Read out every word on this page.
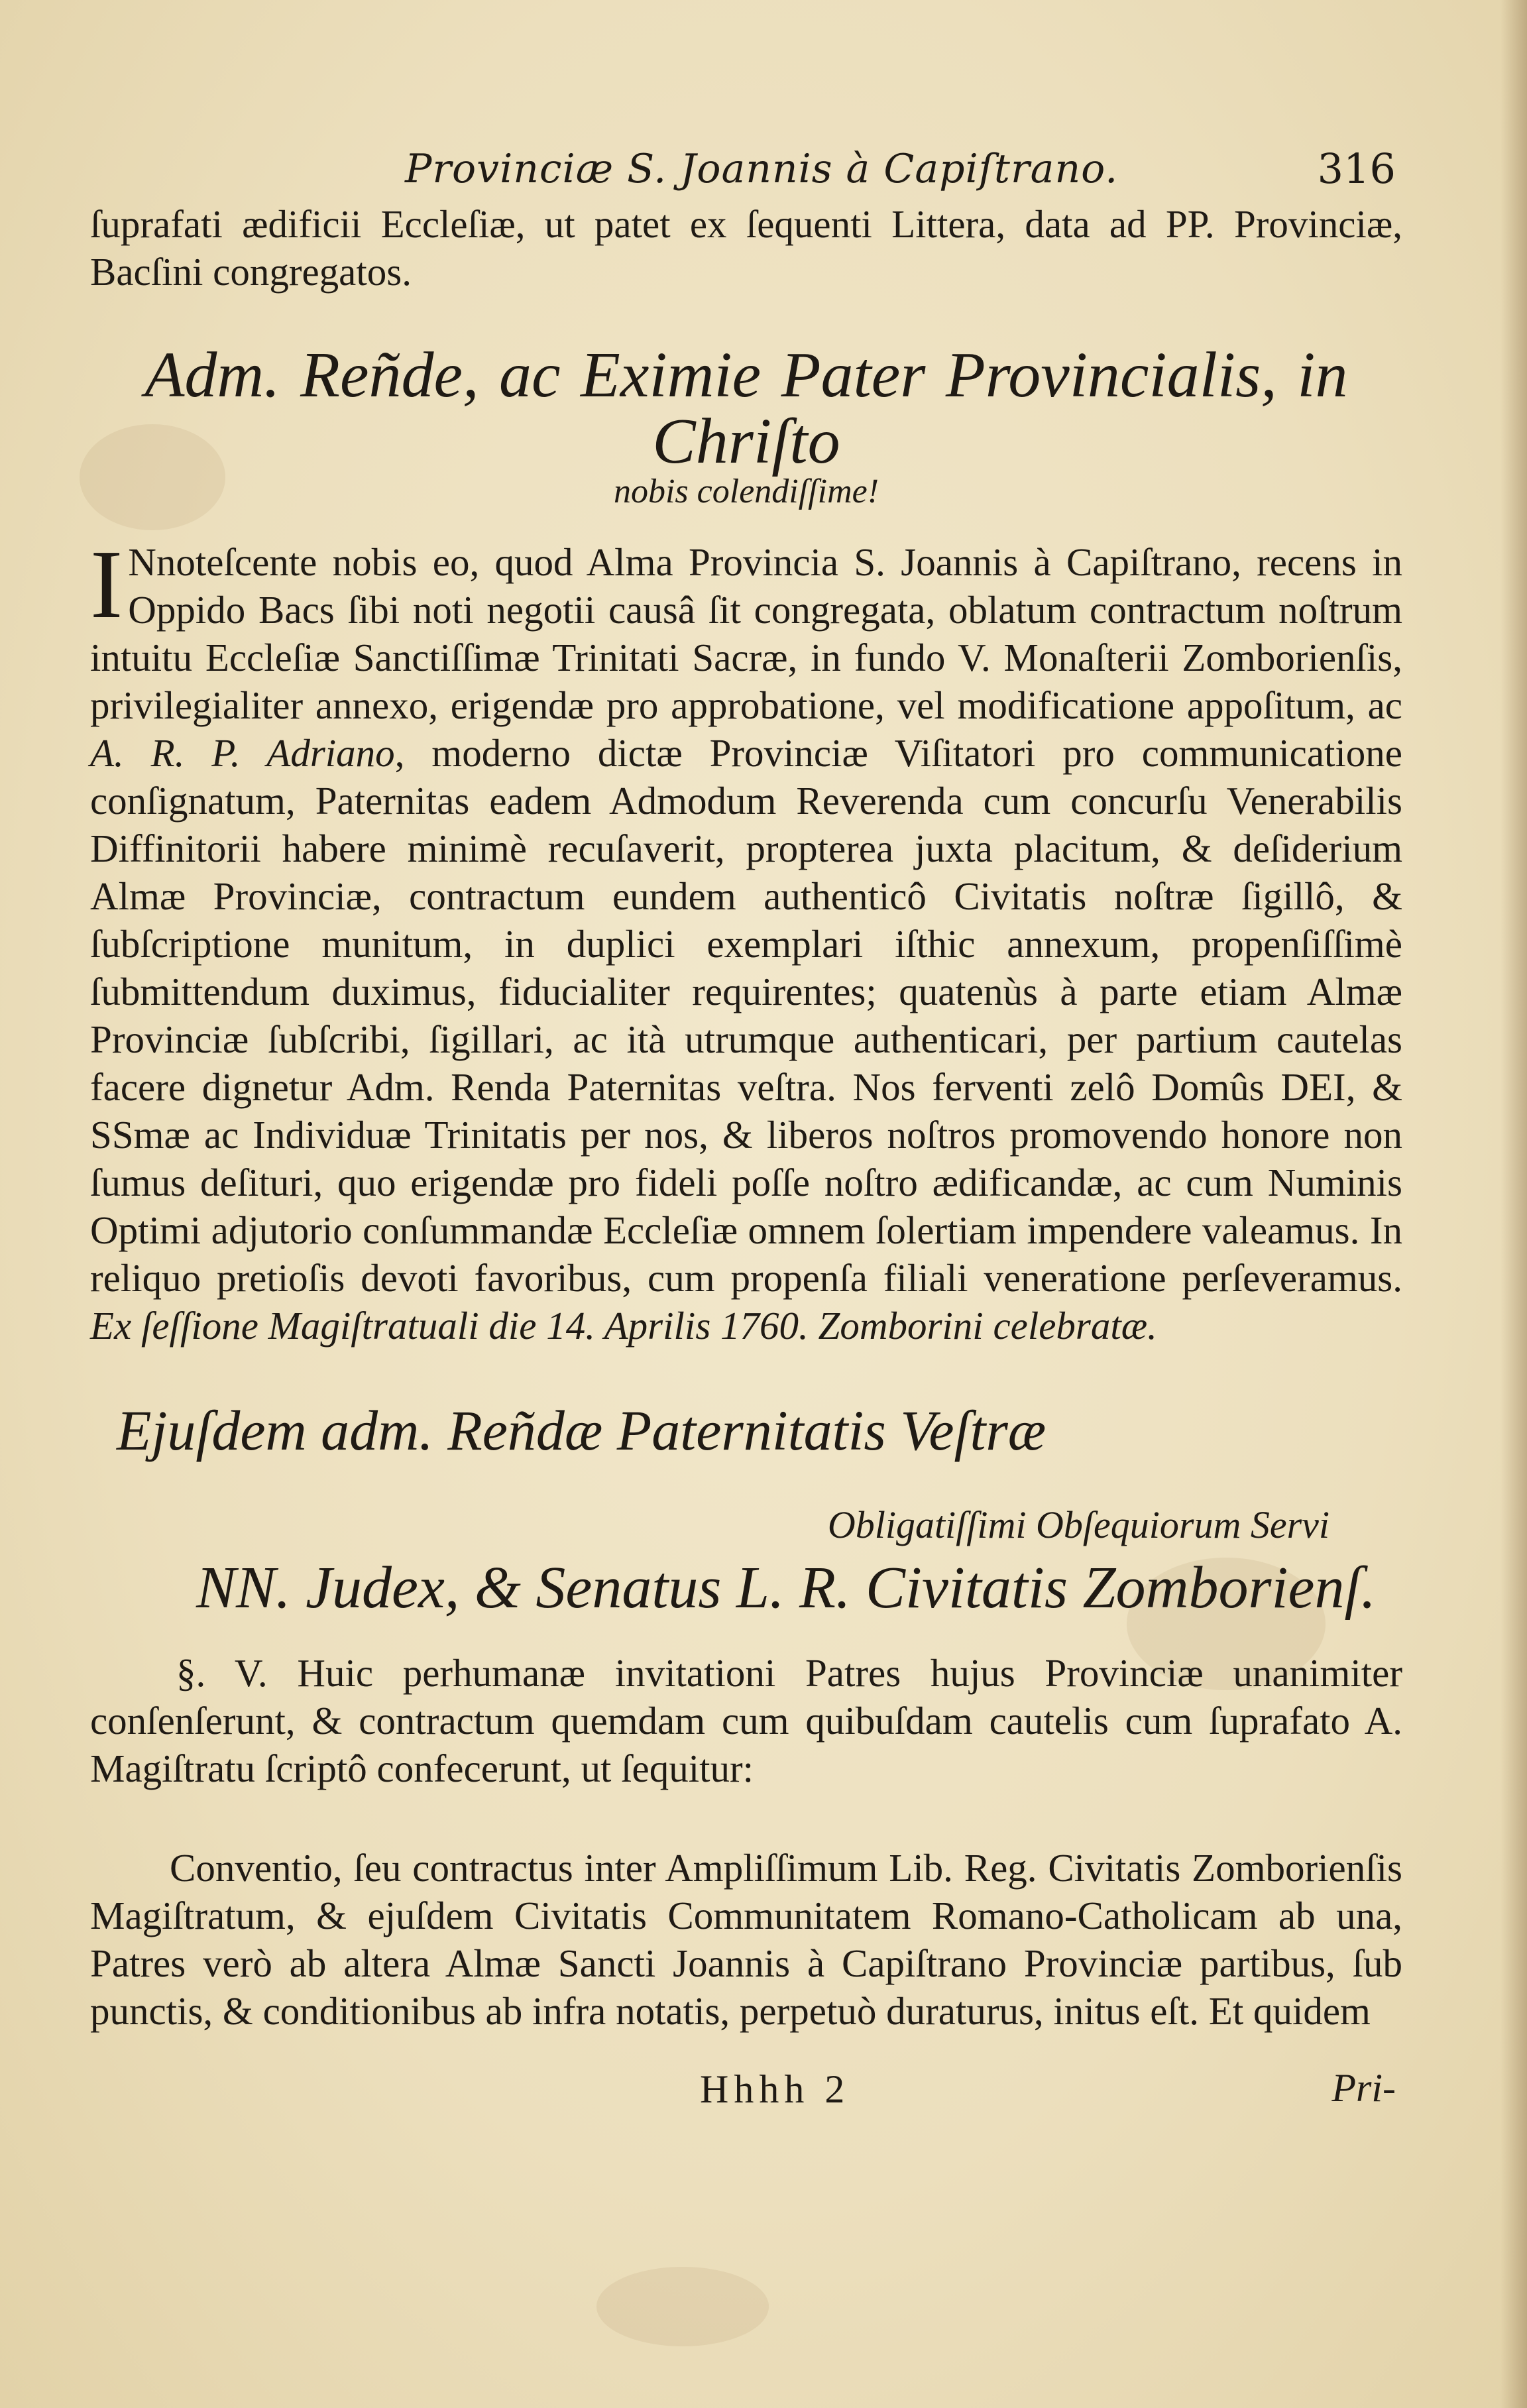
Provinciæ S. Joannis à Capiſtrano.	316

ſuprafati ædificii Eccleſiæ, ut patet ex ſequenti Littera, data ad PP. Provinciæ, Bacſini congregatos.

Adm. Reñde, ac Eximie Pater Provincialis, in Chriſto
nobis colendiſſime!

I Nnoteſcente nobis eo, quod Alma Provincia S. Joannis à Capiſtrano, recens in Oppido Bacs ſibi noti negotii causâ ſit congregata, oblatum contractum noſtrum intuitu Eccleſiæ Sanctiſſimæ Trinitati Sacræ, in fundo V. Monaſterii Zomborienſis, privilegialiter annexo, erigendæ pro approbatione, vel modificatione appoſitum, ac A. R. P. Adriano, moderno dictæ Provinciæ Viſitatori pro communicatione conſignatum, Paternitas eadem Admodum Reverenda cum concurſu Venerabilis Diffinitorii habere minimè recuſaverit, propterea juxta placitum, & deſiderium Almæ Provinciæ, contractum eundem authenticô Civitatis noſtræ ſigillô, & ſubſcriptione munitum, in duplici exemplari iſthic annexum, propenſiſſimè ſubmittendum duximus, fiducialiter requirentes; quatenùs à parte etiam Almæ Provinciæ ſubſcribi, ſigillari, ac ità utrumque authenticari, per partium cautelas facere dignetur Adm. Renda Paternitas veſtra. Nos ferventi zelô Domûs DEI, & SSmæ ac Individuæ Trinitatis per nos, & liberos noſtros promovendo honore non ſumus deſituri, quo erigendæ pro fideli poſſe noſtro ædificandæ, ac cum Numinis Optimi adjutorio conſummandæ Eccleſiæ omnem ſolertiam impendere valeamus. In reliquo pretioſis devoti favoribus, cum propenſa filiali veneratione perſeveramus. Ex ſeſſione Magiſtratuali die 14. Aprilis 1760. Zomborini celebratæ.

Ejuſdem adm. Reñdæ Paternitatis Veſtræ
Obligatiſſimi Obſequiorum Servi
NN. Judex, & Senatus L. R. Civitatis Zomborienſ.

§. V. Huic perhumanæ invitationi Patres hujus Provinciæ unanimiter conſenſerunt, & contractum quemdam cum quibuſdam cautelis cum ſuprafato A. Magiſtratu ſcriptô confecerunt, ut ſequitur:

Conventio, ſeu contractus inter Ampliſſimum Lib. Reg. Civitatis Zomborienſis Magiſtratum, & ejuſdem Civitatis Communitatem Romano-Catholicam ab una, Patres verò ab altera Almæ Sancti Joannis à Capiſtrano Provinciæ partibus, ſub punctis, & conditionibus ab infra notatis, perpetuò duraturus, initus eſt. Et quidem

Hhhh 2	Pri-
